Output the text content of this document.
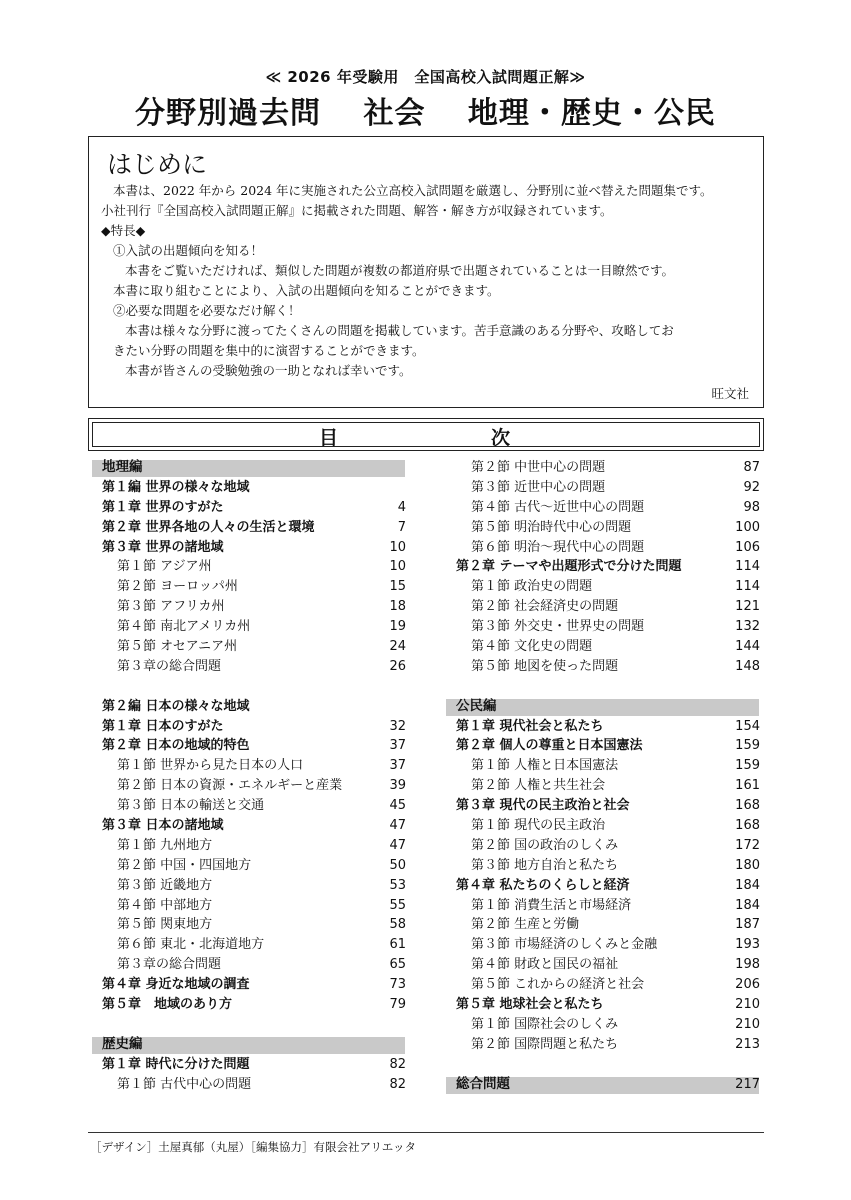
≪ 2026 年受験用　全国高校入試問題正解≫
分野別過去問　 社会　 地理・歴史・公民
はじめに

本書は、2022 年から 2024 年に実施された公立高校入試問題を厳選し、分野別に並べ替えた問題集です。

小社刊行『全国高校入試問題正解』に掲載された問題、解答・解き方が収録されています。

◆特長◆

①入試の出題傾向を知る！

本書をご覧いただければ、類似した問題が複数の都道府県で出題されていることは一目瞭然です。

本書に取り組むことにより、入試の出題傾向を知ることができます。

②必要な問題を必要なだけ解く！

本書は様々な分野に渡ってたくさんの問題を掲載しています。苦手意識のある分野や、攻略してお

きたい分野の問題を集中的に演習することができます。

本書が皆さんの受験勉強の一助となれば幸いです。

旺文社
目	次
地理編
第１編 世界の様々な地域
第１章 世界のすがた	4
第２章 世界各地の人々の生活と環境	7
第３章 世界の諸地域	10
第１節 アジア州	10
第２節 ヨーロッパ州	15
第３節 アフリカ州	18
第４節 南北アメリカ州	19
第５節 オセアニア州	24
第３章の総合問題	26
第２編 日本の様々な地域
第１章 日本のすがた	32
第２章 日本の地域的特色	37
第１節 世界から見た日本の人口	37
第２節 日本の資源・エネルギーと産業	39
第３節 日本の輸送と交通	45
第３章 日本の諸地域	47
第１節 九州地方	47
第２節 中国・四国地方	50
第３節 近畿地方	53
第４節 中部地方	55
第５節 関東地方	58
第６節 東北・北海道地方	61
第３章の総合問題	65
第４章 身近な地域の調査	73
第５章　地域のあり方	79
歴史編
第１章 時代に分けた問題	82
第１節 古代中心の問題	82
第２節 中世中心の問題	87
第３節 近世中心の問題	92
第４節 古代～近世中心の問題	98
第５節 明治時代中心の問題	100
第６節 明治～現代中心の問題	106
第２章 テーマや出題形式で分けた問題	114
第１節 政治史の問題	114
第２節 社会経済史の問題	121
第３節 外交史・世界史の問題	132
第４節 文化史の問題	144
第５節 地図を使った問題	148
公民編
第１章 現代社会と私たち	154
第２章 個人の尊重と日本国憲法	159
第１節 人権と日本国憲法	159
第２節 人権と共生社会	161
第３章 現代の民主政治と社会	168
第１節 現代の民主政治	168
第２節 国の政治のしくみ	172
第３節 地方自治と私たち	180
第４章 私たちのくらしと経済	184
第１節 消費生活と市場経済	184
第２節 生産と労働	187
第３節 市場経済のしくみと金融	193
第４節 財政と国民の福祉	198
第５節 これからの経済と社会	206
第５章 地球社会と私たち	210
第１節 国際社会のしくみ	210
第２節 国際問題と私たち	213
総合問題	217
［デザイン］土屋真郁（丸屋）［編集協力］有限会社アリエッタ
